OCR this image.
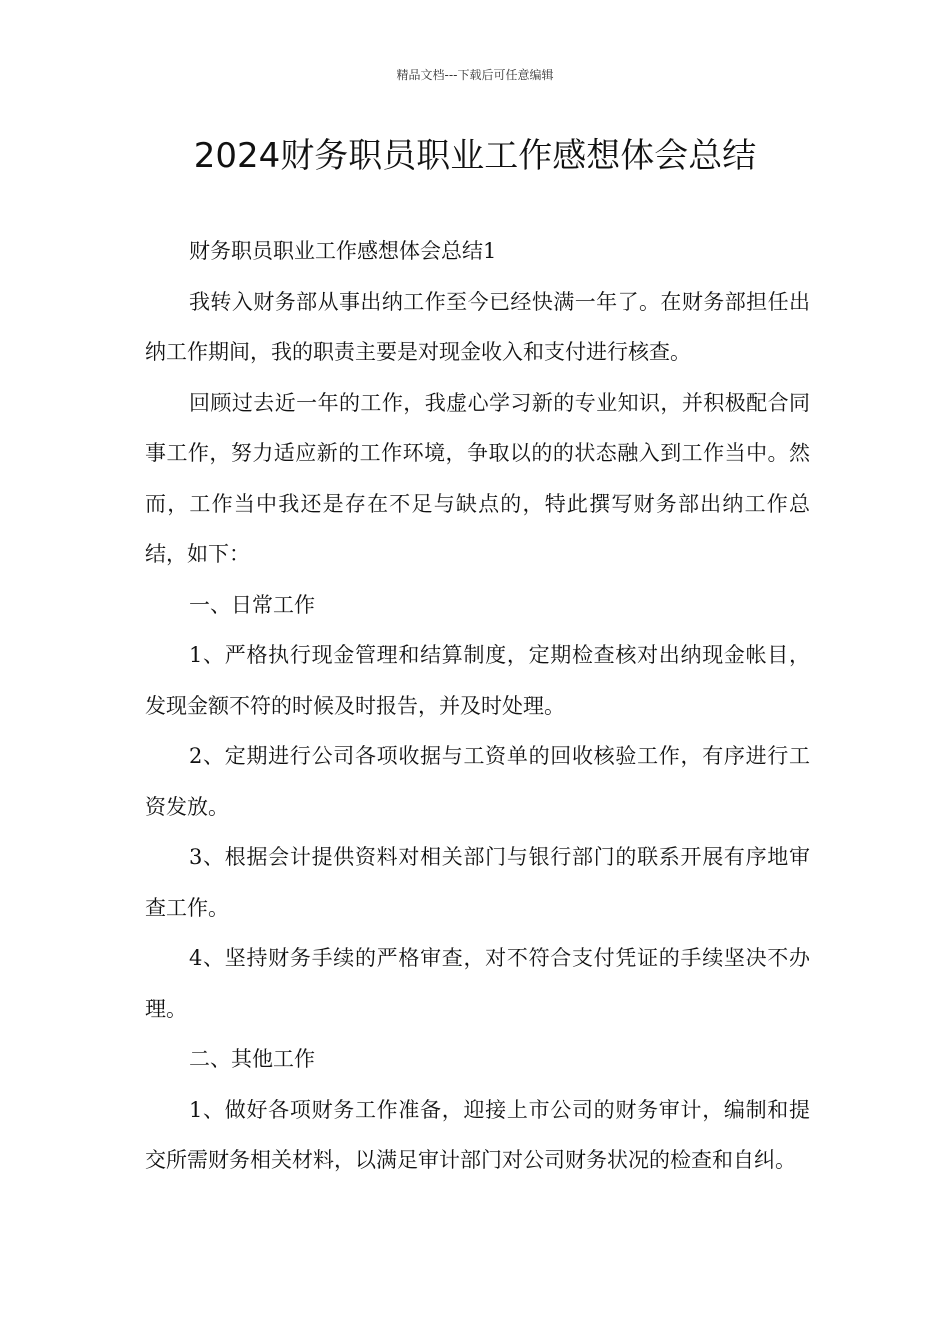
精品文档---下载后可任意编辑
2024财务职员职业工作感想体会总结

财务职员职业工作感想体会总结1

我转入财务部从事出纳工作至今已经快满一年了。在财务部担任出纳工作期间，我的职责主要是对现金收入和支付进行核查。

回顾过去近一年的工作，我虚心学习新的专业知识，并积极配合同事工作，努力适应新的工作环境，争取以的的状态融入到工作当中。然而，工作当中我还是存在不足与缺点的，特此撰写财务部出纳工作总结，如下：

一、日常工作

1、严格执行现金管理和结算制度，定期检查核对出纳现金帐目，发现金额不符的时候及时报告，并及时处理。

2、定期进行公司各项收据与工资单的回收核验工作，有序进行工资发放。

3、根据会计提供资料对相关部门与银行部门的联系开展有序地审查工作。

4、坚持财务手续的严格审查，对不符合支付凭证的手续坚决不办理。

二、其他工作

1、做好各项财务工作准备，迎接上市公司的财务审计，编制和提交所需财务相关材料，以满足审计部门对公司财务状况的检查和自纠。
